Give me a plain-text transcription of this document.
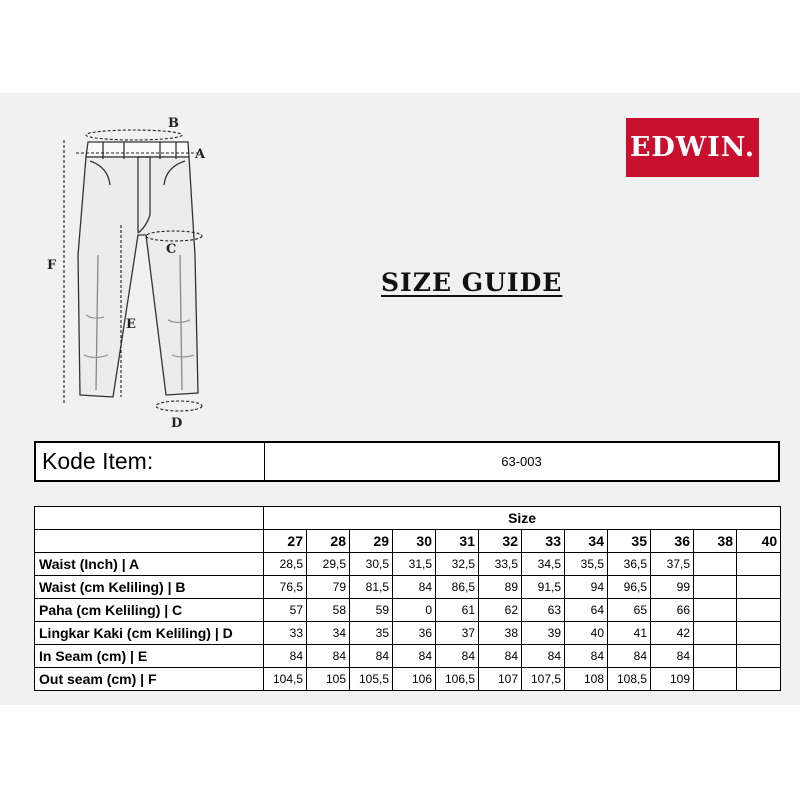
B
A
C
D
E
F
EDWIN.
SIZE GUIDE
Kode Item:	63-003
	Size											
	27	28	29	30	31	32	33	34	35	36	38	40
Waist (Inch) | A	28,5	29,5	30,5	31,5	32,5	33,5	34,5	35,5	36,5	37,5		
Waist (cm Keliling) | B	76,5	79	81,5	84	86,5	89	91,5	94	96,5	99		
Paha (cm Keliling) | C	57	58	59	0	61	62	63	64	65	66		
Lingkar Kaki (cm Keliling) | D	33	34	35	36	37	38	39	40	41	42		
In Seam (cm) | E	84	84	84	84	84	84	84	84	84	84		
Out seam (cm) | F	104,5	105	105,5	106	106,5	107	107,5	108	108,5	109		
